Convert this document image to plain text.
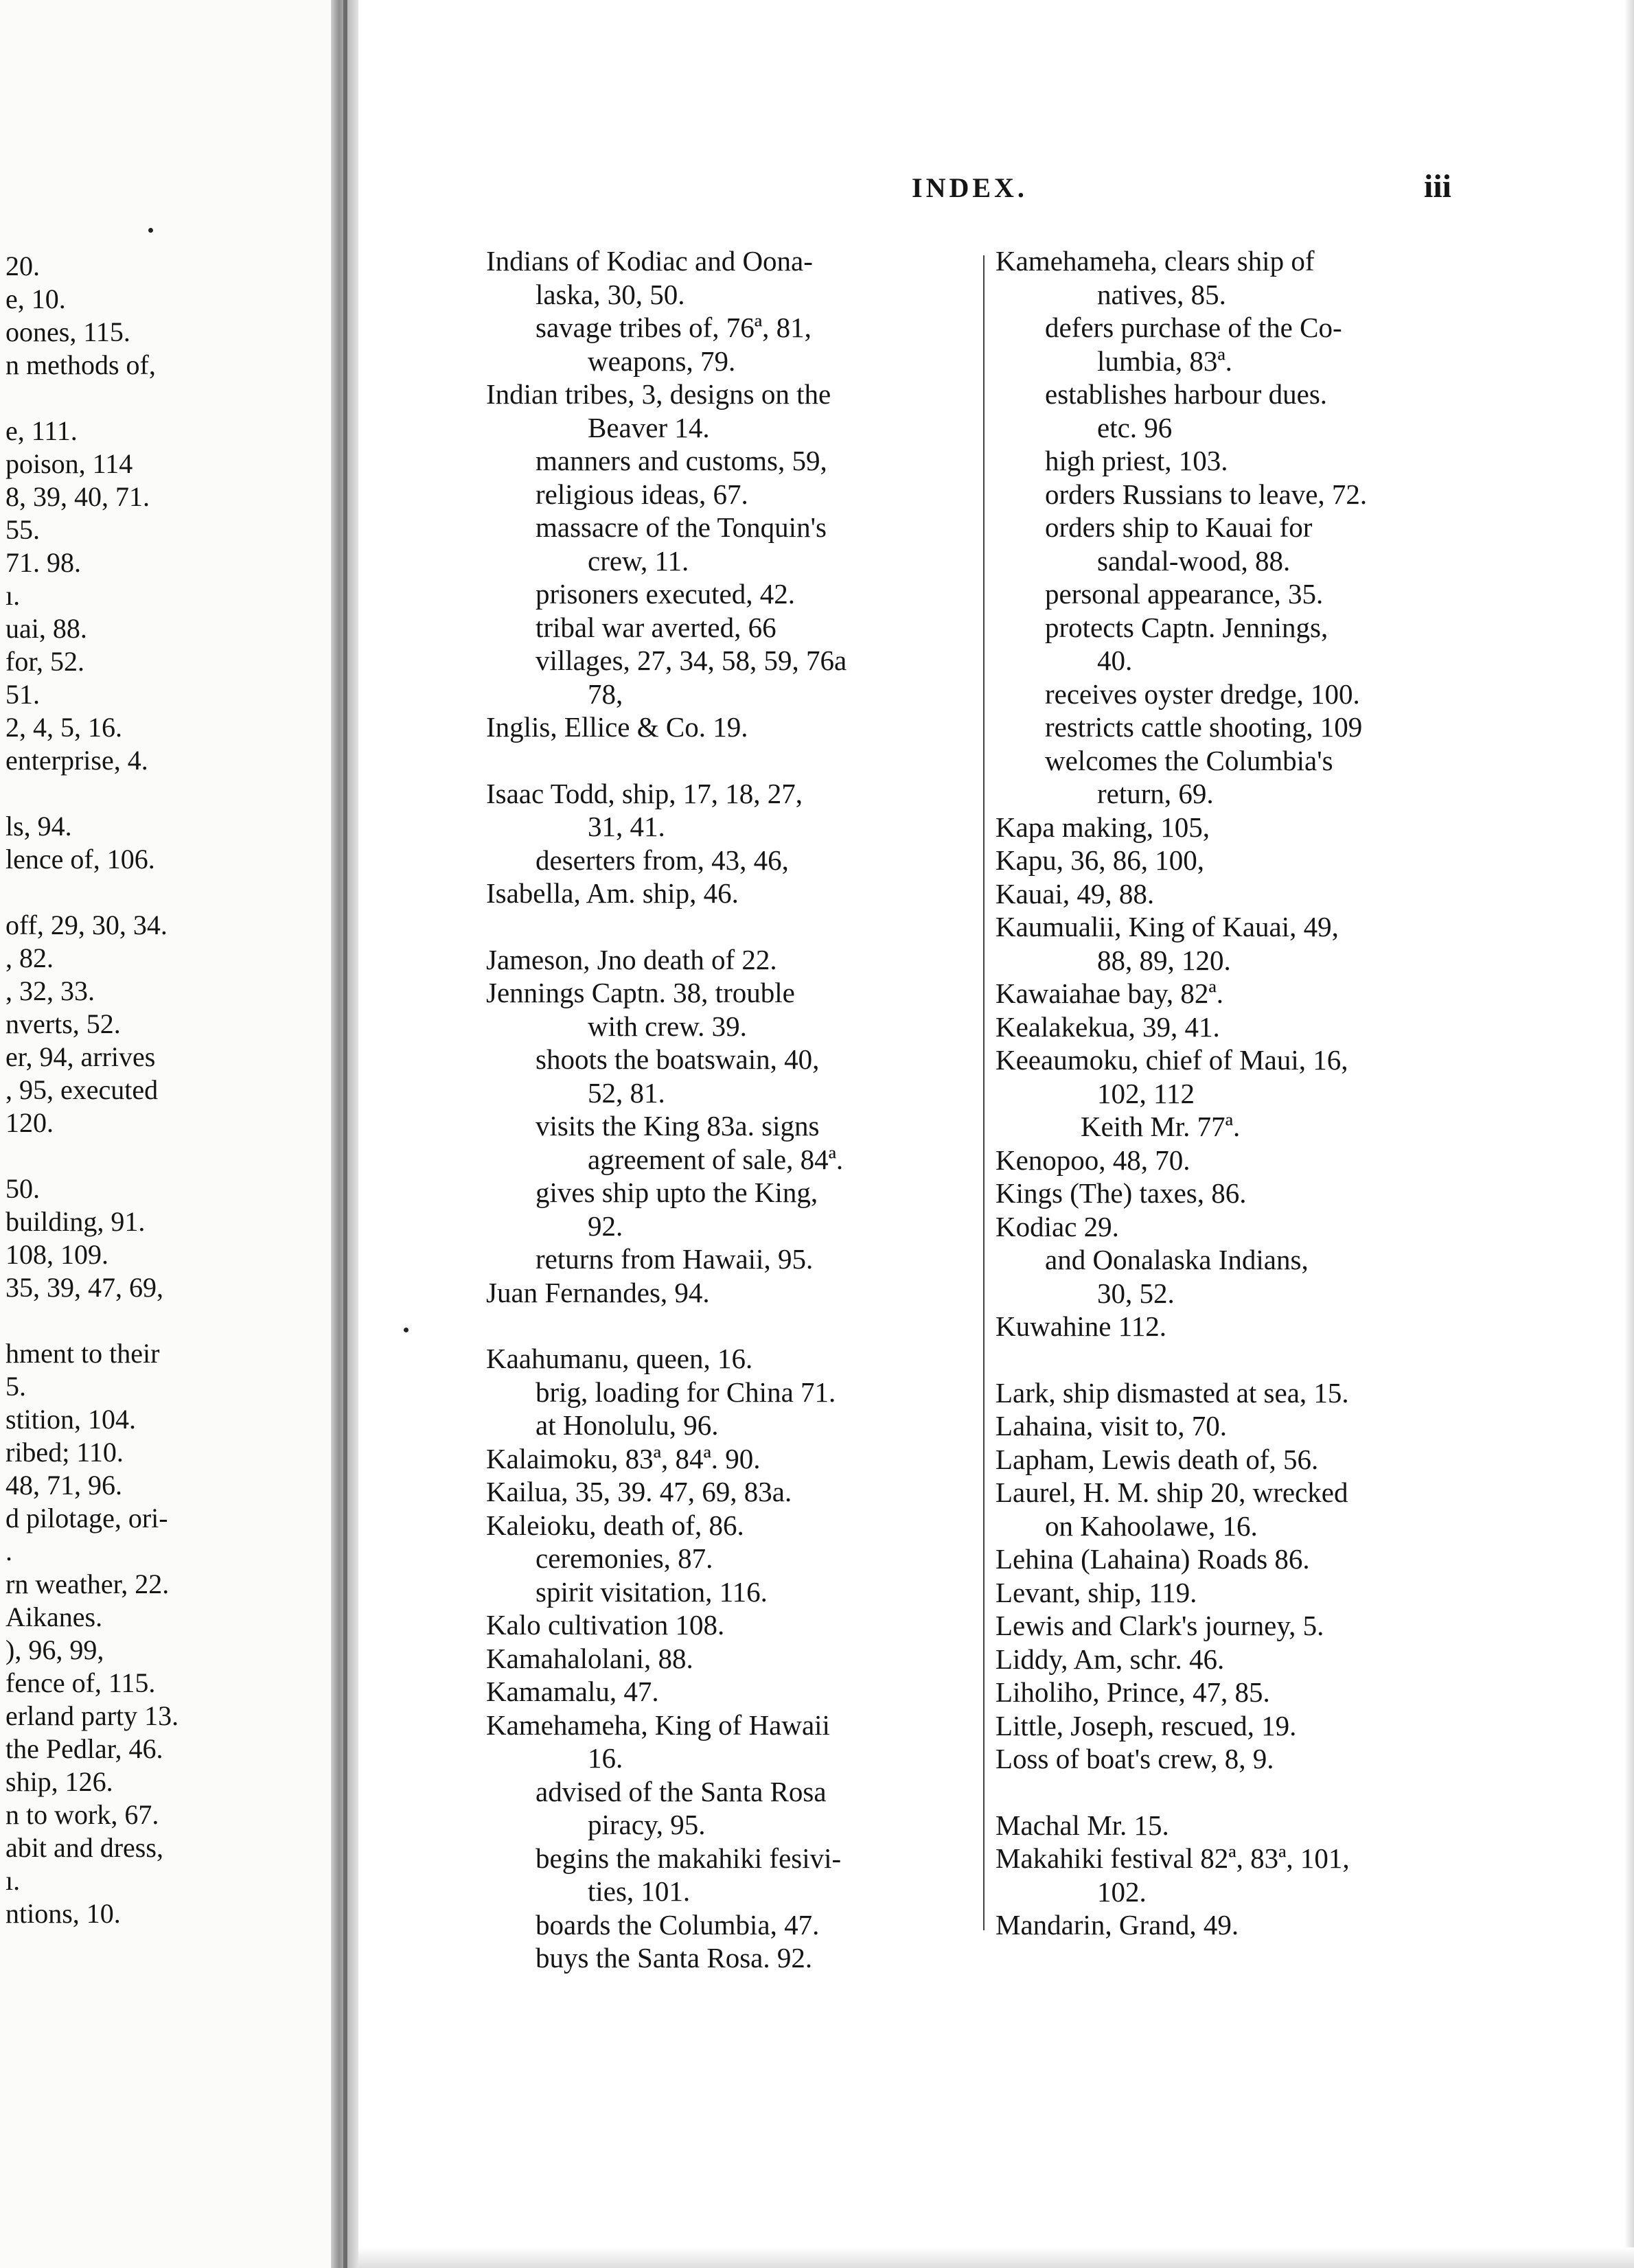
20.
e, 10.
oones, 115.
n methods of,
e, 111.
poison, 114
8, 39, 40, 71.
55.
71. 98.
ı.
uai, 88.
for, 52.
51.
2, 4, 5, 16.
enterprise, 4.
ls, 94.
lence of, 106.
off, 29, 30, 34.
, 82.
, 32, 33.
nverts, 52.
er, 94, arrives
, 95, executed
120.
50.
building, 91.
108, 109.
35, 39, 47, 69,
hment to their
5.
stition, 104.
ribed; 110.
48, 71, 96.
d pilotage, ori-
.
rn weather, 22.
Aikanes.
), 96, 99,
fence of, 115.
erland party 13.
the Pedlar, 46.
ship, 126.
n to work, 67.
abit and dress,
ı.
ntions, 10.
INDEX.	iii
Indians of Kodiac and Oona-
laska, 30, 50.
savage tribes of, 76ª, 81,
weapons, 79.
Indian tribes, 3, designs on the
Beaver 14.
manners and customs, 59,
religious ideas, 67.
massacre of the Tonquin's
crew, 11.
prisoners executed, 42.
tribal war averted, 66
villages, 27, 34, 58, 59, 76a
78,
Inglis, Ellice & Co. 19.
Isaac Todd, ship, 17, 18, 27,
31, 41.
deserters from, 43, 46,
Isabella, Am. ship, 46.
Jameson, Jno death of 22.
Jennings Captn. 38, trouble
with crew. 39.
shoots the boatswain, 40,
52, 81.
visits the King 83a. signs
agreement of sale, 84ª.
gives ship upto the King,
92.
returns from Hawaii, 95.
Juan Fernandes, 94.
Kaahumanu, queen, 16.
brig, loading for China 71.
at Honolulu, 96.
Kalaimoku, 83ª, 84ª. 90.
Kailua, 35, 39. 47, 69, 83a.
Kaleioku, death of, 86.
ceremonies, 87.
spirit visitation, 116.
Kalo cultivation 108.
Kamahalolani, 88.
Kamamalu, 47.
Kamehameha, King of Hawaii
16.
advised of the Santa Rosa
piracy, 95.
begins the makahiki fesivi-
ties, 101.
boards the Columbia, 47.
buys the Santa Rosa. 92.
Kamehameha, clears ship of
natives, 85.
defers purchase of the Co-
lumbia, 83ª.
establishes harbour dues.
etc. 96
high priest, 103.
orders Russians to leave, 72.
orders ship to Kauai for
sandal-wood, 88.
personal appearance, 35.
protects Captn. Jennings,
40.
receives oyster dredge, 100.
restricts cattle shooting, 109
welcomes the Columbia's
return, 69.
Kapa making, 105,
Kapu, 36, 86, 100,
Kauai, 49, 88.
Kaumualii, King of Kauai, 49,
88, 89, 120.
Kawaiahae bay, 82ª.
Kealakekua, 39, 41.
Keeaumoku, chief of Maui, 16,
102, 112
Keith Mr. 77ª.
Kenopoo, 48, 70.
Kings (The) taxes, 86.
Kodiac 29.
and Oonalaska Indians,
30, 52.
Kuwahine 112.
Lark, ship dismasted at sea, 15.
Lahaina, visit to, 70.
Lapham, Lewis death of, 56.
Laurel, H. M. ship 20, wrecked
on Kahoolawe, 16.
Lehina (Lahaina) Roads 86.
Levant, ship, 119.
Lewis and Clark's journey, 5.
Liddy, Am, schr. 46.
Liholiho, Prince, 47, 85.
Little, Joseph, rescued, 19.
Loss of boat's crew, 8, 9.
Machal Mr. 15.
Makahiki festival 82ª, 83ª, 101,
102.
Mandarin, Grand, 49.
